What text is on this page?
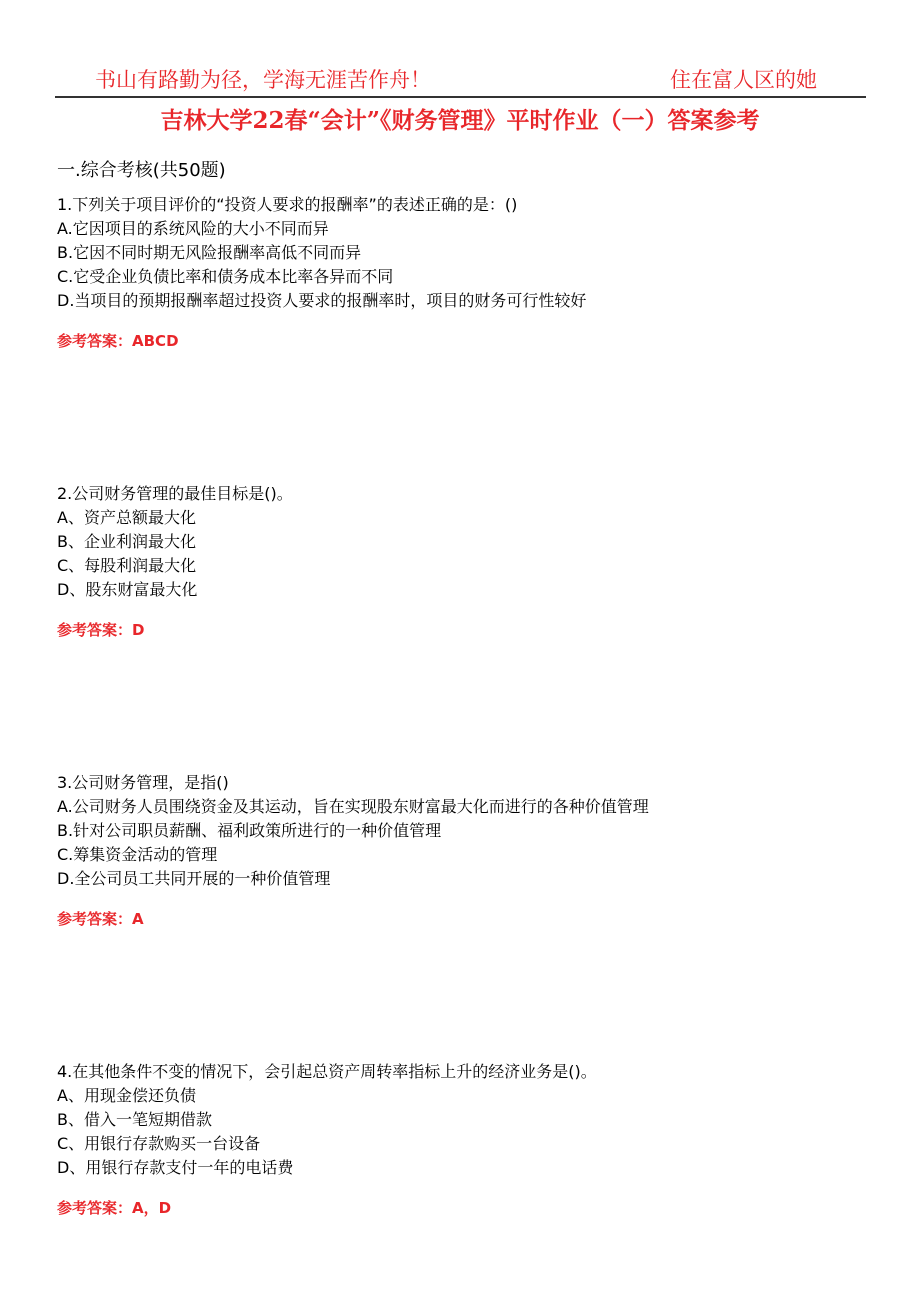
书山有路勤为径，学海无涯苦作舟！	住在富人区的她
吉林大学22春“会计”《财务管理》平时作业（一）答案参考
一.综合考核(共50题)
1.下列关于项目评价的“投资人要求的报酬率”的表述正确的是：()
A.它因项目的系统风险的大小不同而异
B.它因不同时期无风险报酬率高低不同而异
C.它受企业负债比率和债务成本比率各异而不同
D.当项目的预期报酬率超过投资人要求的报酬率时，项目的财务可行性较好
参考答案：ABCD
2.公司财务管理的最佳目标是()。
A、资产总额最大化
B、企业利润最大化
C、每股利润最大化
D、股东财富最大化
参考答案：D
3.公司财务管理，是指()
A.公司财务人员围绕资金及其运动，旨在实现股东财富最大化而进行的各种价值管理
B.针对公司职员薪酬、福利政策所进行的一种价值管理
C.筹集资金活动的管理
D.全公司员工共同开展的一种价值管理
参考答案：A
4.在其他条件不变的情况下，会引起总资产周转率指标上升的经济业务是()。
A、用现金偿还负债
B、借入一笔短期借款
C、用银行存款购买一台设备
D、用银行存款支付一年的电话费
参考答案：A，D
